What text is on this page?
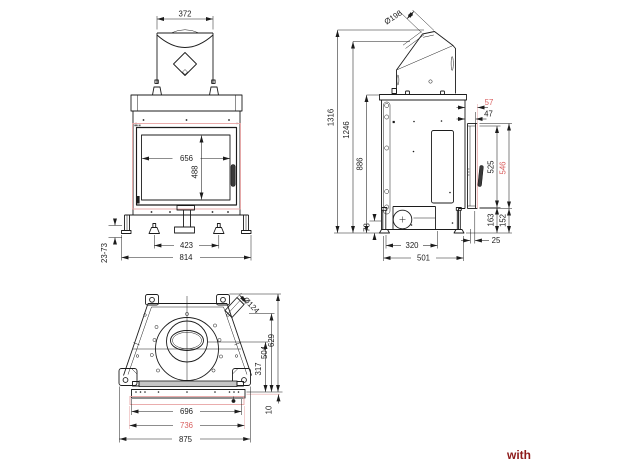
372
656
488
423
814
23-73
Ø198
1316
1246
886
57
47
525 546
163 152
25
78
320
501
Ø124
317
504
629
10
696
736
875
with
